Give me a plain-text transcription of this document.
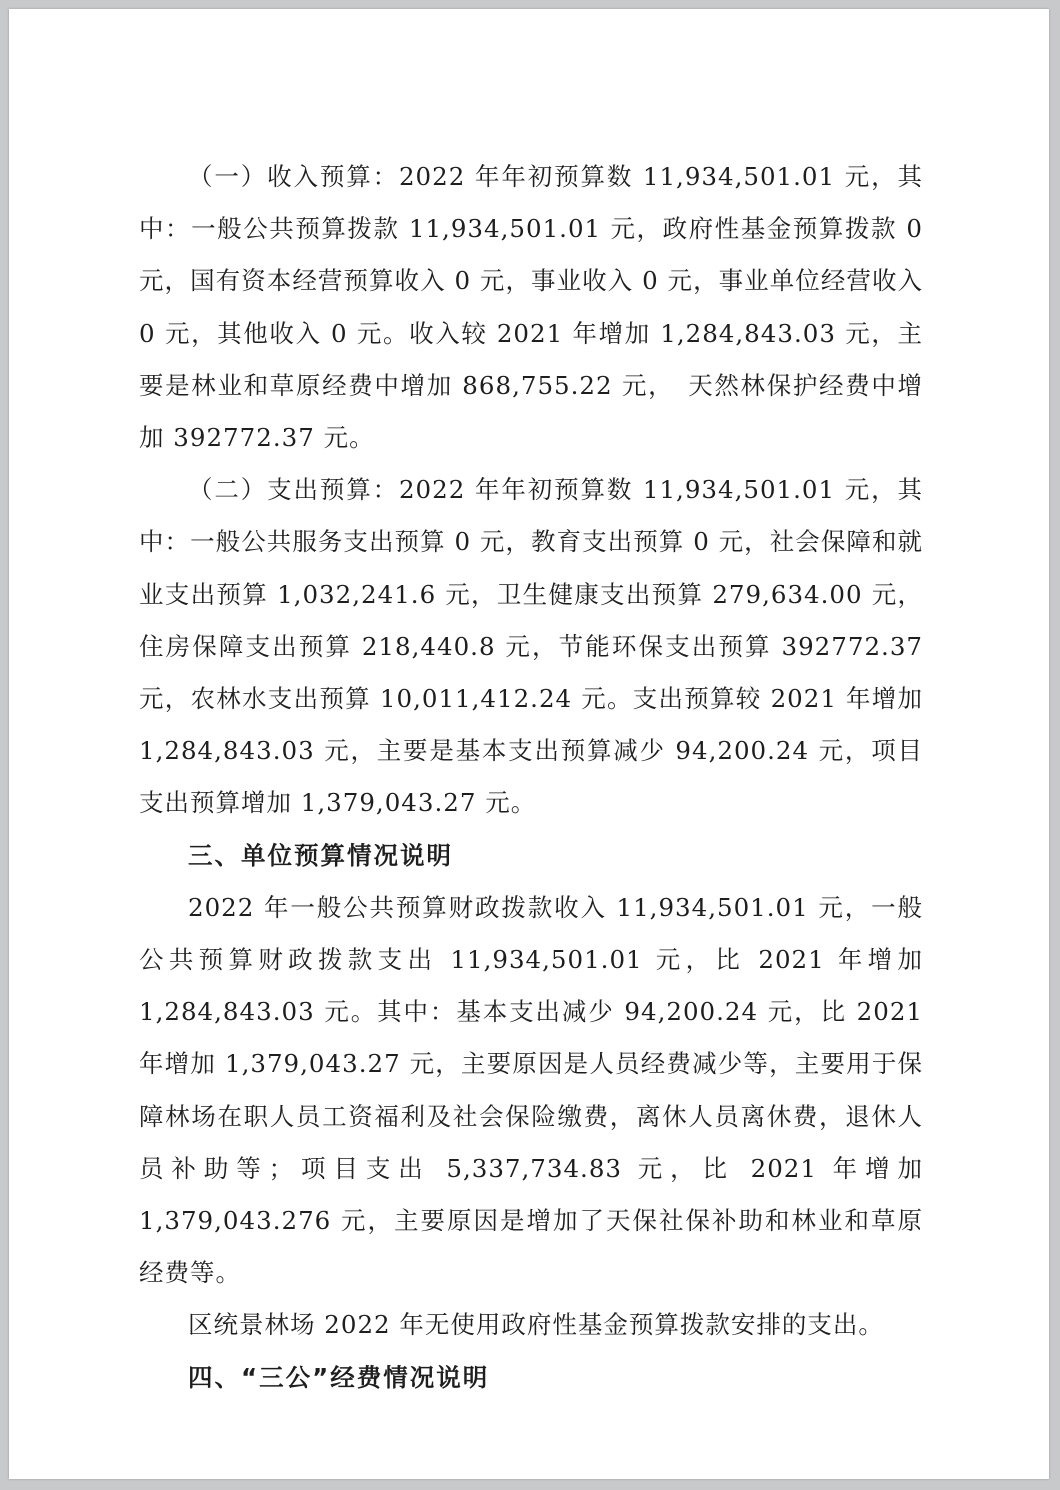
（一）收入预算：2022 年年初预算数 11,934,501.01 元，其中：一般公共预算拨款 11,934,501.01 元，政府性基金预算拨款 0 元，国有资本经营预算收入 0 元，事业收入 0 元，事业单位经营收入 0 元，其他收入 0 元。收入较 2021 年增加 1,284,843.03 元，主要是林业和草原经费中增加 868,755.22 元，　天然林保护经费中增加 392772.37 元。

（二）支出预算：2022 年年初预算数 11,934,501.01 元，其中：一般公共服务支出预算 0 元，教育支出预算 0 元，社会保障和就业支出预算 1,032,241.6 元，卫生健康支出预算 279,634.00 元，住房保障支出预算 218,440.8 元，节能环保支出预算 392772.37 元，农林水支出预算 10,011,412.24 元。支出预算较 2021 年增加 1,284,843.03 元，主要是基本支出预算减少 94,200.24 元，项目支出预算增加 1,379,043.27 元。

三、单位预算情况说明

2022 年一般公共预算财政拨款收入 11,934,501.01 元，一般公共预算财政拨款支出 11,934,501.01 元，比 2021 年增加 1,284,843.03 元。其中：基本支出减少 94,200.24 元，比 2021 年增加 1,379,043.27 元，主要原因是人员经费减少等，主要用于保障林场在职人员工资福利及社会保险缴费，离休人员离休费，退休人员补助等；项目支出 5,337,734.83 元，比 2021 年增加 1,379,043.276 元，主要原因是增加了天保社保补助和林业和草原经费等。

区统景林场 2022 年无使用政府性基金预算拨款安排的支出。

四、“三公”经费情况说明
